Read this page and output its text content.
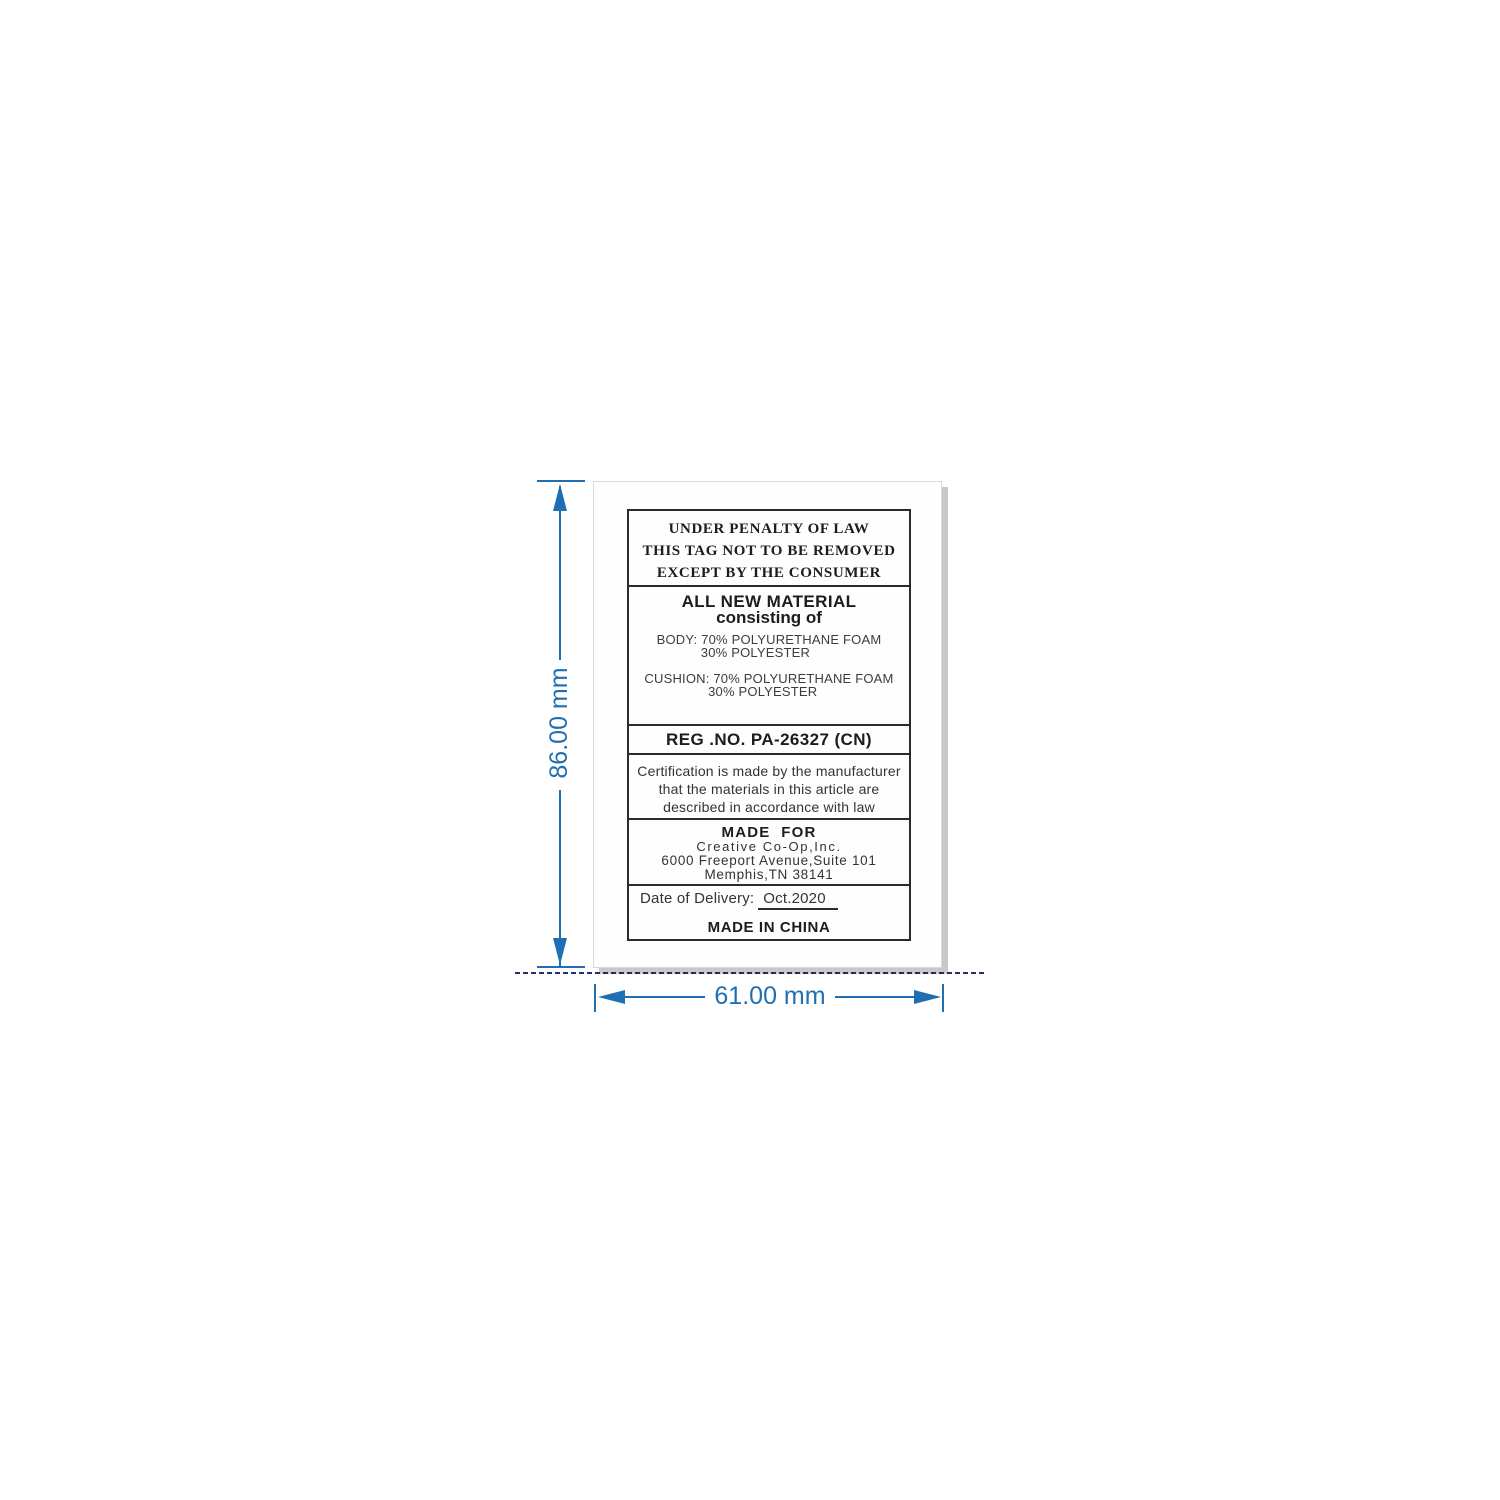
UNDER PENALTY OF LAW
THIS TAG NOT TO BE REMOVED
EXCEPT BY THE CONSUMER
ALL NEW MATERIAL
consisting of
BODY: 70% POLYURETHANE FOAM
30% POLYESTER
CUSHION: 70% POLYURETHANE FOAM
30% POLYESTER
REG .NO. PA-26327 (CN)
Certification is made by the manufacturer
that the materials in this article are
described in accordance with law
MADE  FOR
Creative Co-Op,Inc.
6000 Freeport Avenue,Suite 101
Memphis,TN 38141
Date of Delivery: Oct.2020
MADE IN CHINA
86.00 mm
61.00 mm
